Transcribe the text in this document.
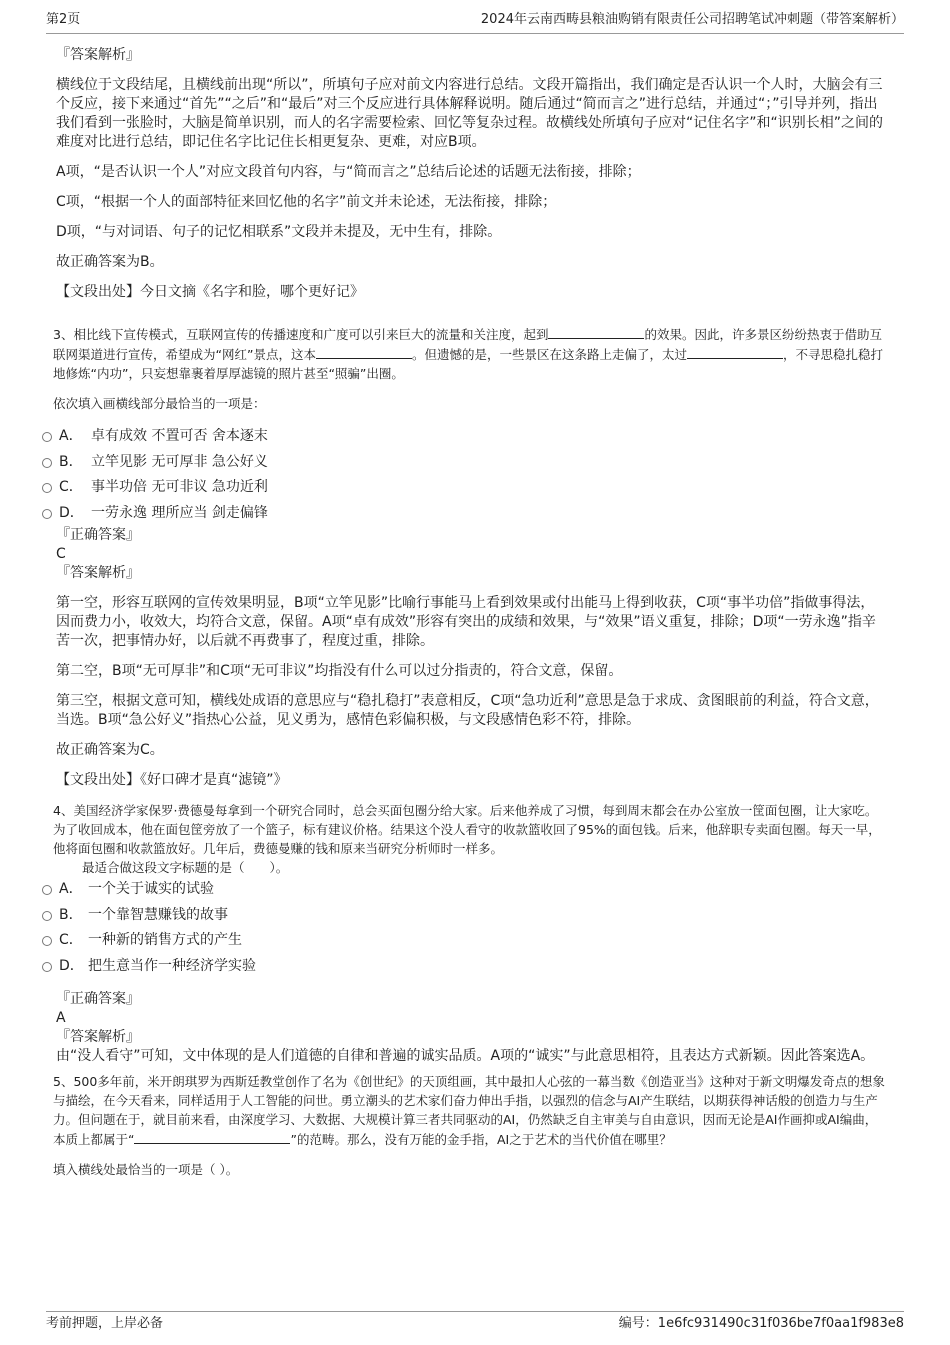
第2页	2024年云南西畴县粮油购销有限责任公司招聘笔试冲刺题（带答案解析）

『答案解析』

横线位于文段结尾，且横线前出现“所以”，所填句子应对前文内容进行总结。文段开篇指出，我们确定是否认识一个人时，大脑会有三个反应，接下来通过“首先”“之后”和“最后”对三个反应进行具体解释说明。随后通过“简而言之”进行总结，并通过“；”引导并列，指出我们看到一张脸时，大脑是简单识别，而人的名字需要检索、回忆等复杂过程。故横线处所填句子应对“记住名字”和“识别长相”之间的难度对比进行总结，即记住名字比记住长相更复杂、更难，对应B项。

A项，“是否认识一个人”对应文段首句内容，与“简而言之”总结后论述的话题无法衔接，排除；

C项，“根据一个人的面部特征来回忆他的名字”前文并未论述，无法衔接，排除；

D项，“与对词语、句子的记忆相联系”文段并未提及，无中生有，排除。

故正确答案为B。

【文段出处】今日文摘《名字和脸，哪个更好记》

3、相比线下宣传模式，互联网宣传的传播速度和广度可以引来巨大的流量和关注度，起到	的效果。因此，许多景区纷纷热衷于借助互联网渠道进行宣传，希望成为“网红”景点，这本	。但遗憾的是，一些景区在这条路上走偏了，太过	，不寻思稳扎稳打地修炼“内功”，只妄想靠裹着厚厚滤镜的照片甚至“照骗”出圈。

依次填入画横线部分最恰当的一项是：

A． 卓有成效 不置可否 舍本逐末
B． 立竿见影 无可厚非 急公好义
C． 事半功倍 无可非议 急功近利
D． 一劳永逸 理所应当 剑走偏锋

『正确答案』

C

『答案解析』

第一空，形容互联网的宣传效果明显，B项“立竿见影”比喻行事能马上看到效果或付出能马上得到收获，C项“事半功倍”指做事得法，因而费力小，收效大，均符合文意，保留。A项“卓有成效”形容有突出的成绩和效果，与“效果”语义重复，排除；D项“一劳永逸”指辛苦一次，把事情办好，以后就不再费事了，程度过重，排除。

第二空，B项“无可厚非”和C项“无可非议”均指没有什么可以过分指责的，符合文意，保留。

第三空，根据文意可知，横线处成语的意思应与“稳扎稳打”表意相反，C项“急功近利”意思是急于求成、贪图眼前的利益，符合文意，当选。B项“急公好义”指热心公益，见义勇为，感情色彩偏积极，与文段感情色彩不符，排除。

故正确答案为C。

【文段出处】《好口碑才是真“滤镜”》

4、美国经济学家保罗·费德曼每拿到一个研究合同时，总会买面包圈分给大家。后来他养成了习惯，每到周末都会在办公室放一筐面包圈，让大家吃。为了收回成本，他在面包筐旁放了一个篮子，标有建议价格。结果这个没人看守的收款篮收回了95%的面包钱。后来，他辞职专卖面包圈。每天一早，他将面包圈和收款篮放好。几年后，费德曼赚的钱和原来当研究分析师时一样多。

最适合做这段文字标题的是（　　）。

A． 一个关于诚实的试验
B． 一个靠智慧赚钱的故事
C． 一种新的销售方式的产生
D． 把生意当作一种经济学实验

『正确答案』

A

『答案解析』

由“没人看守”可知，文中体现的是人们道德的自律和普遍的诚实品质。A项的“诚实”与此意思相符，且表达方式新颖。因此答案选A。

5、500多年前，米开朗琪罗为西斯廷教堂创作了名为《创世纪》的天顶组画，其中最扣人心弦的一幕当数《创造亚当》这种对于新文明爆发奇点的想象与描绘，在今天看来，同样适用于人工智能的问世。勇立潮头的艺术家们奋力伸出手指，以强烈的信念与AI产生联结，以期获得神话般的创造力与生产力。但问题在于，就目前来看，由深度学习、大数据、大规模计算三者共同驱动的AI，仍然缺乏自主审美与自由意识，因而无论是AI作画抑或AI编曲，本质上都属于“	”的范畴。那么，没有万能的金手指，AI之于艺术的当代价值在哪里？

填入横线处最恰当的一项是（ ）。

考前押题，上岸必备	编号：1e6fc931490c31f036be7f0aa1f983e8
